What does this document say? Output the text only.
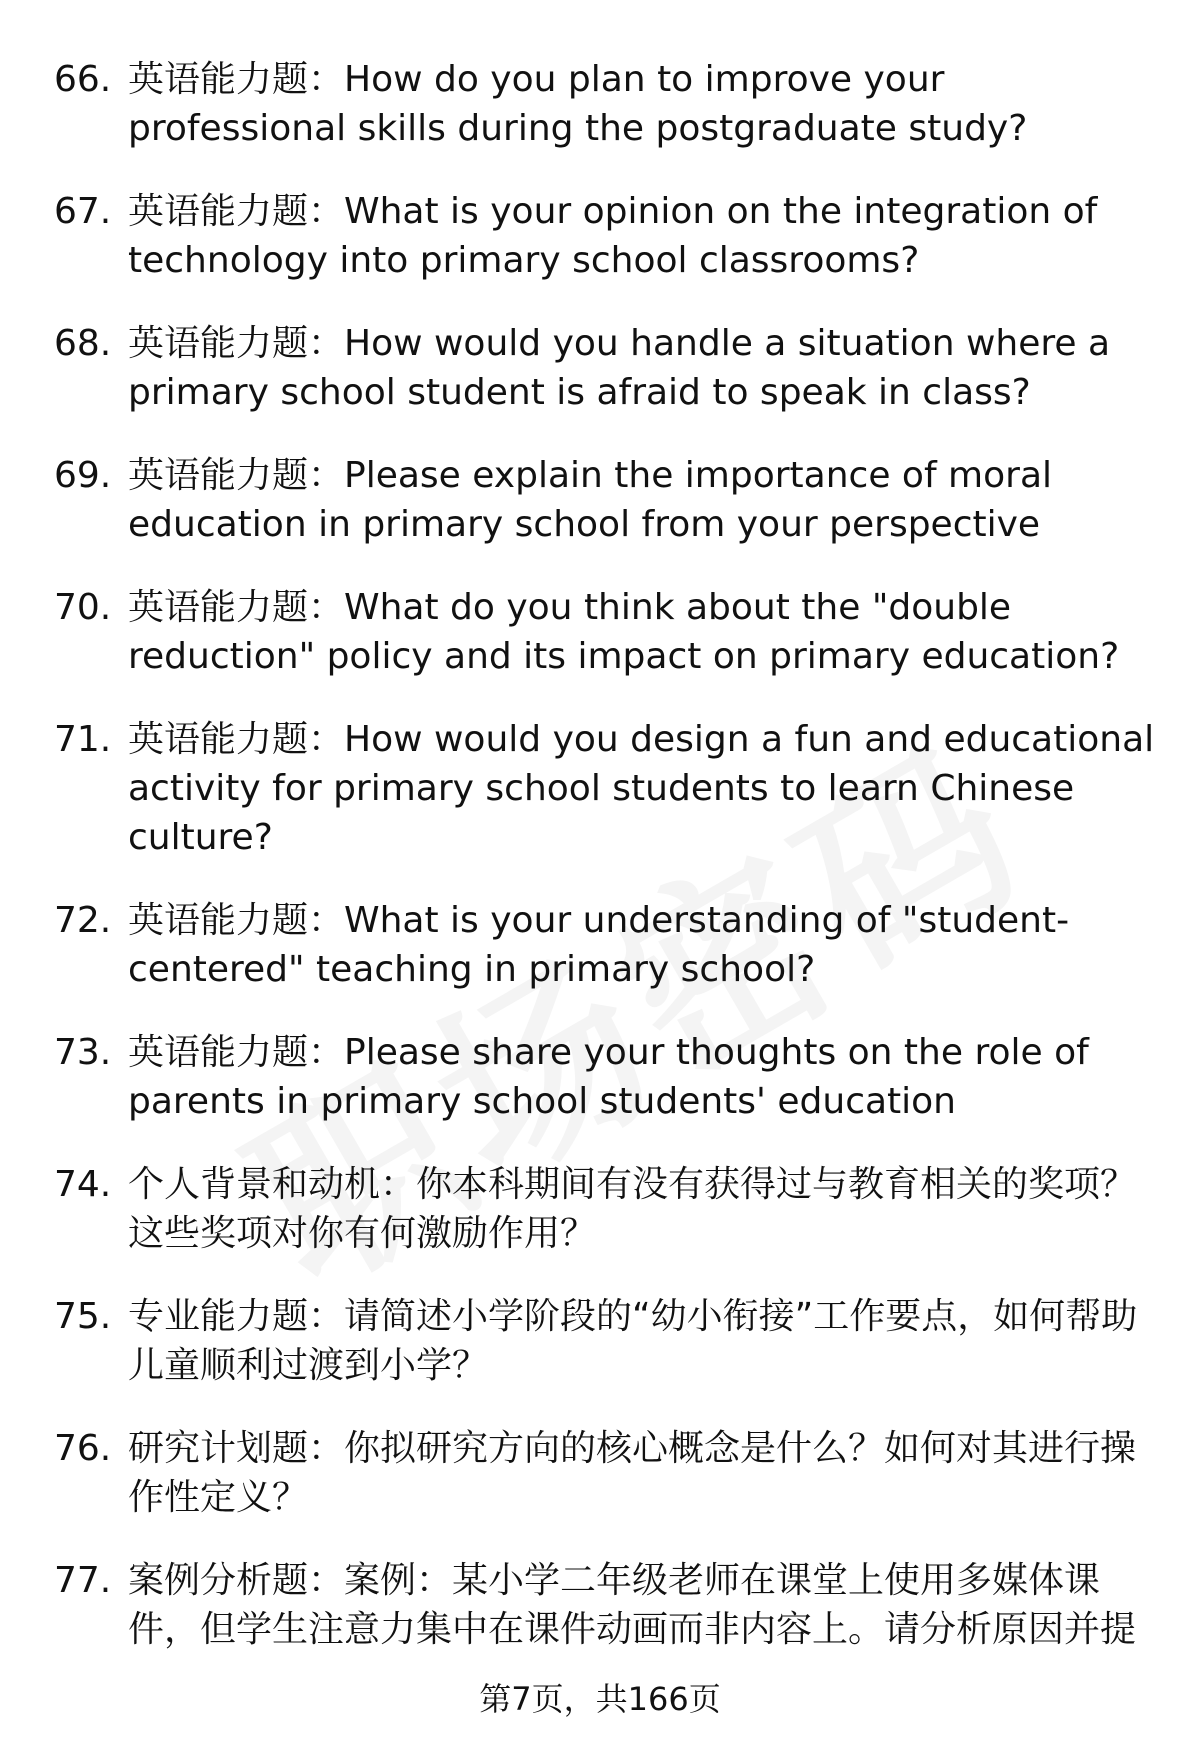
66. 英语能力题：How do you plan to improve your professional skills during the postgraduate study?
67. 英语能力题：What is your opinion on the integration of technology into primary school classrooms?
68. 英语能力题：How would you handle a situation where a primary school student is afraid to speak in class?
69. 英语能力题：Please explain the importance of moral education in primary school from your perspective
70. 英语能力题：What do you think about the "double reduction" policy and its impact on primary education?
71. 英语能力题：How would you design a fun and educational activity for primary school students to learn Chinese culture?
72. 英语能力题：What is your understanding of "student-centered" teaching in primary school?
73. 英语能力题：Please share your thoughts on the role of parents in primary school students' education
74. 个人背景和动机：你本科期间有没有获得过与教育相关的奖项？这些奖项对你有何激励作用？
75. 专业能力题：请简述小学阶段的“幼小衔接”工作要点，如何帮助儿童顺利过渡到小学？
76. 研究计划题：你拟研究方向的核心概念是什么？如何对其进行操作性定义？
77. 案例分析题：案例：某小学二年级老师在课堂上使用多媒体课件，但学生注意力集中在课件动画而非内容上。请分析原因并提
第7页，共166页
